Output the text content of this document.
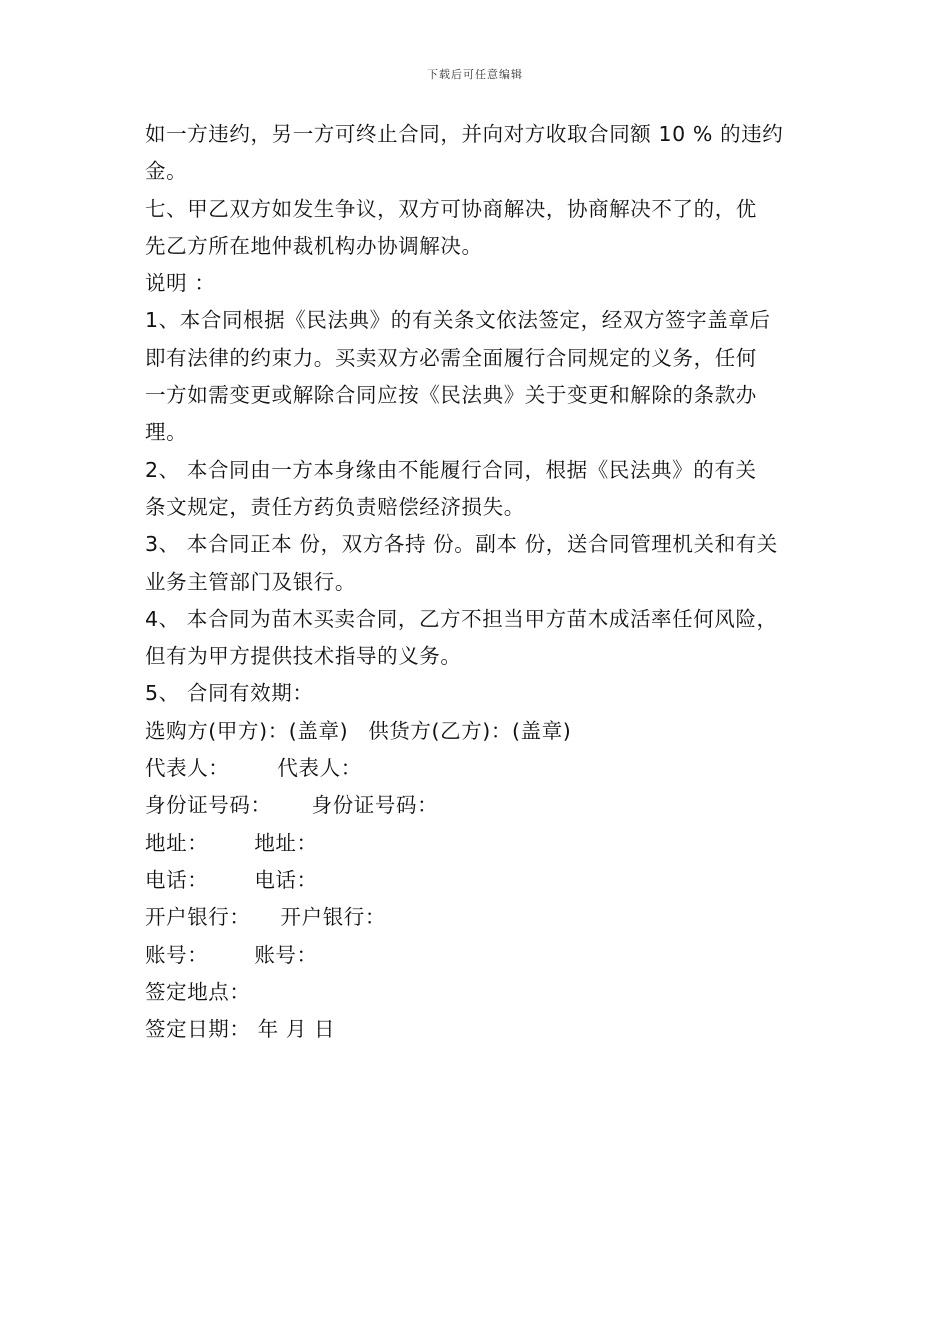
下载后可任意编辑
如一方违约，另一方可终止合同，并向对方收取合同额 10 % 的违约
金。
七、甲乙双方如发生争议，双方可协商解决，协商解决不了的，优
先乙方所在地仲裁机构办协调解决。
说明 ：
1、本合同根据《民法典》的有关条文依法签定，经双方签字盖章后
即有法律的约束力。买卖双方必需全面履行合同规定的义务，任何
一方如需变更或解除合同应按《民法典》关于变更和解除的条款办
理。
2、 本合同由一方本身缘由不能履行合同，根据《民法典》的有关
条文规定，责任方药负责赔偿经济损失。
3、 本合同正本 份，双方各持 份。副本 份，送合同管理机关和有关
业务主管部门及银行。
4、 本合同为苗木买卖合同，乙方不担当甲方苗木成活率任何风险，
但有为甲方提供技术指导的义务。
5、 合同有效期：
选购方(甲方)：(盖章) 供货方(乙方)：(盖章)
代表人： 代表人：
身份证号码： 身份证号码：
地址： 地址：
电话： 电话：
开户银行： 开户银行：
账号： 账号：
签定地点：
签定日期： 年 月 日
